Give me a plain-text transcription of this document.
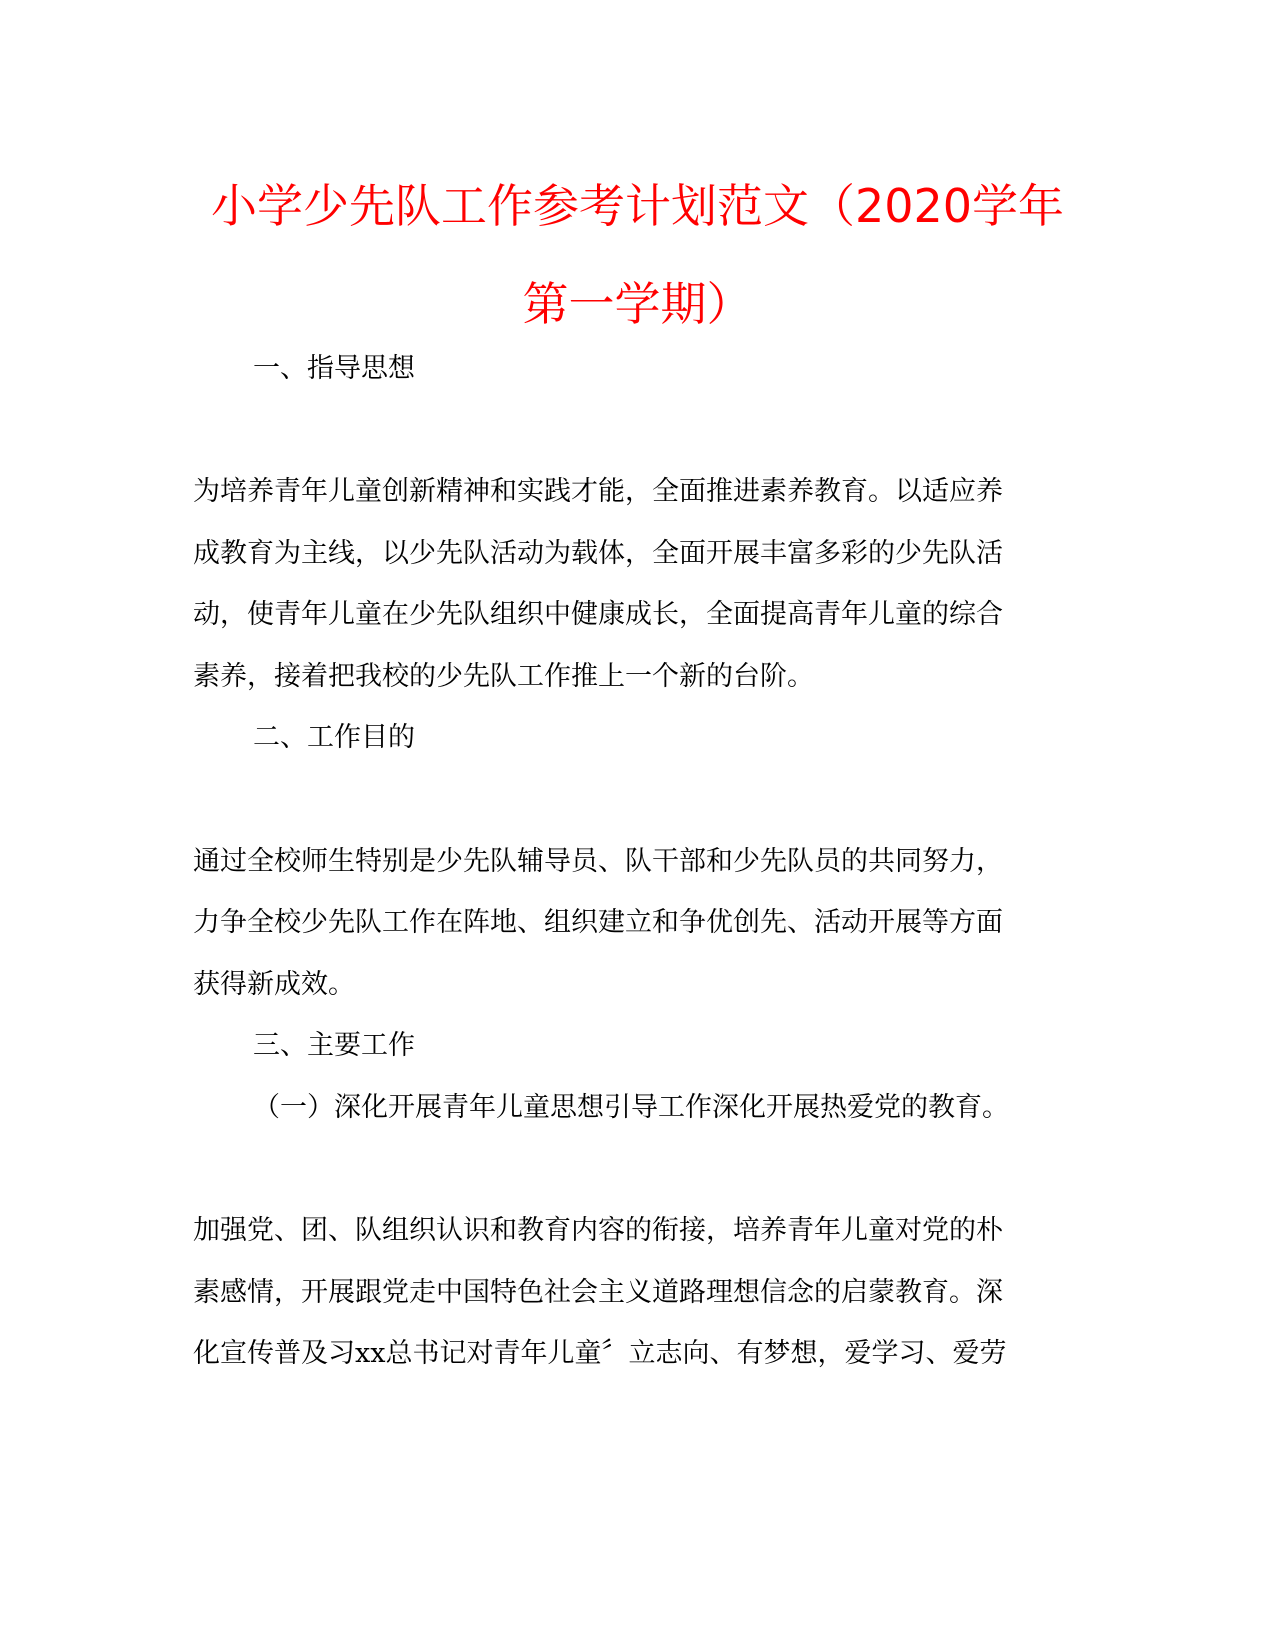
小学少先队工作参考计划范文（2020学年
第一学期）

一、指导思想

为培养青年儿童创新精神和实践才能，全面推进素养教育。以适应养

成教育为主线，以少先队活动为载体，全面开展丰富多彩的少先队活

动，使青年儿童在少先队组织中健康成长，全面提高青年儿童的综合

素养，接着把我校的少先队工作推上一个新的台阶。

二、工作目的

通过全校师生特别是少先队辅导员、队干部和少先队员的共同努力，

力争全校少先队工作在阵地、组织建立和争优创先、活动开展等方面

获得新成效。

三、主要工作

（一）深化开展青年儿童思想引导工作深化开展热爱党的教育。

加强党、团、队组织认识和教育内容的衔接，培养青年儿童对党的朴

素感情，开展跟党走中国特色社会主义道路理想信念的启蒙教育。深

化宣传普及习xx总书记对青年儿童〞立志向、有梦想，爱学习、爱劳
